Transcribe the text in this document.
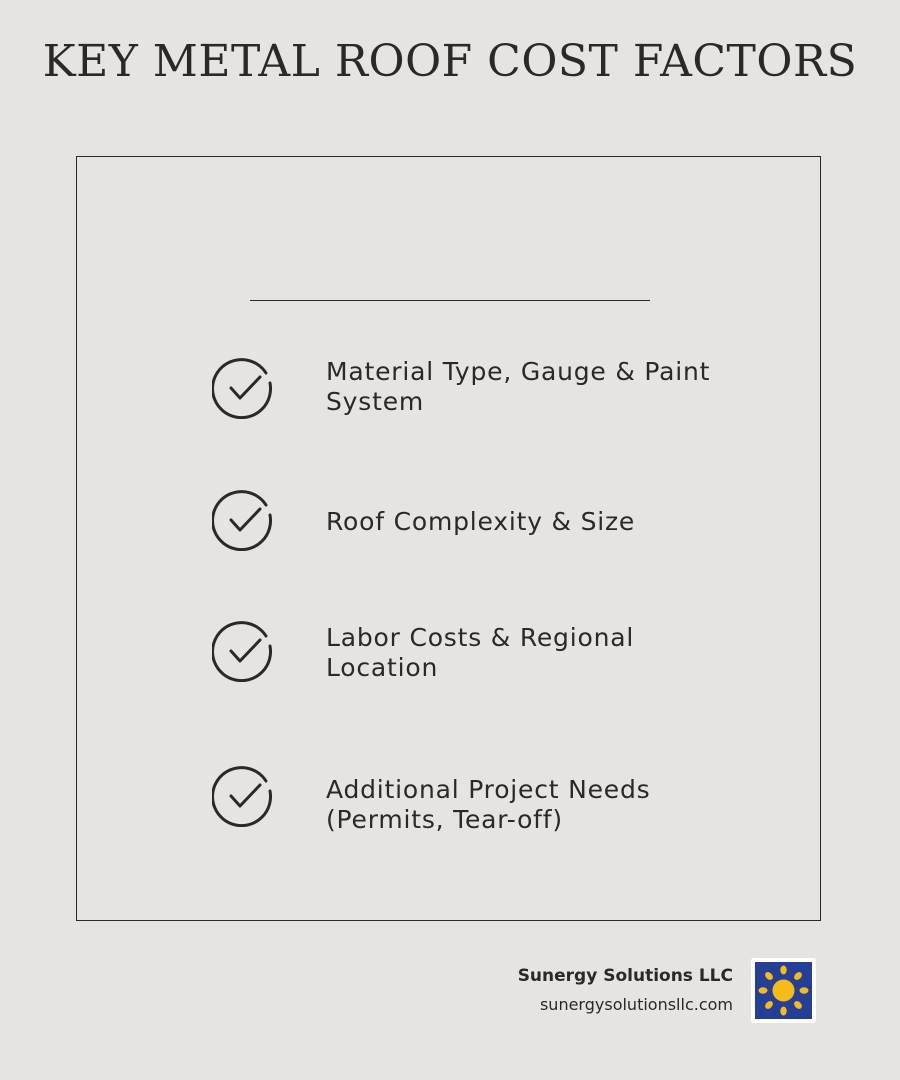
KEY METAL ROOF COST FACTORS
Material Type, Gauge & Paint System
Roof Complexity & Size
Labor Costs & Regional Location
Additional Project Needs (Permits, Tear-off)
Sunergy Solutions LLC
sunergysolutionsllc.com
